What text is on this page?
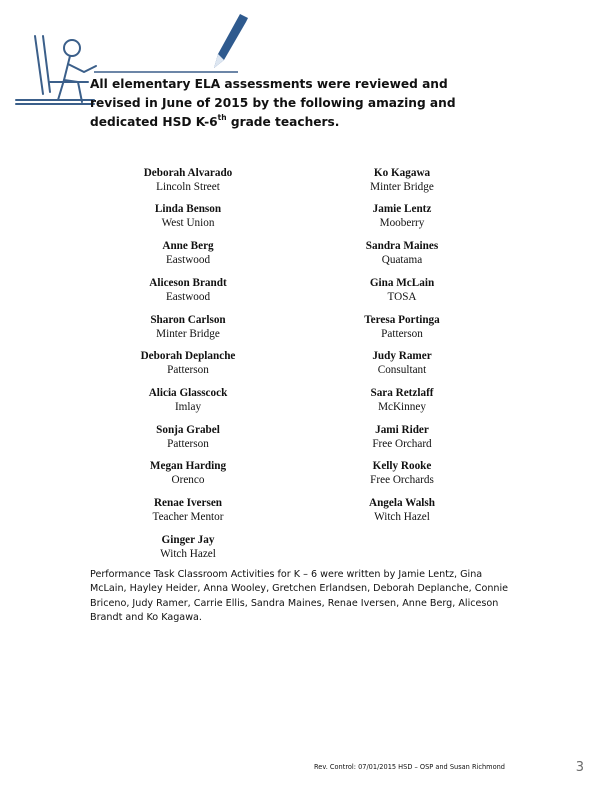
All elementary ELA assessments were reviewed and revised in June of 2015 by the following amazing and dedicated HSD K-6th grade teachers.
Deborah Alvarado
Lincoln Street
Ko Kagawa
Minter Bridge
Linda Benson
West Union
Jamie Lentz
Mooberry
Anne Berg
Eastwood
Sandra Maines
Quatama
Aliceson Brandt
Eastwood
Gina McLain
TOSA
Sharon Carlson
Minter Bridge
Teresa Portinga
Patterson
Deborah Deplanche
Patterson
Judy Ramer
Consultant
Alicia Glasscock
Imlay
Sara Retzlaff
McKinney
Sonja Grabel
Patterson
Jami Rider
Free Orchard
Megan Harding
Orenco
Kelly Rooke
Free Orchards
Renae Iversen
Teacher Mentor
Angela Walsh
Witch Hazel
Ginger Jay
Witch Hazel
Performance Task Classroom Activities for K – 6 were written by Jamie Lentz, Gina McLain, Hayley Heider, Anna Wooley, Gretchen Erlandsen, Deborah Deplanche, Connie Briceno, Judy Ramer, Carrie Ellis, Sandra Maines, Renae Iversen, Anne Berg, Aliceson Brandt and Ko Kagawa.
Rev. Control: 07/01/2015 HSD – OSP and Susan Richmond	3
